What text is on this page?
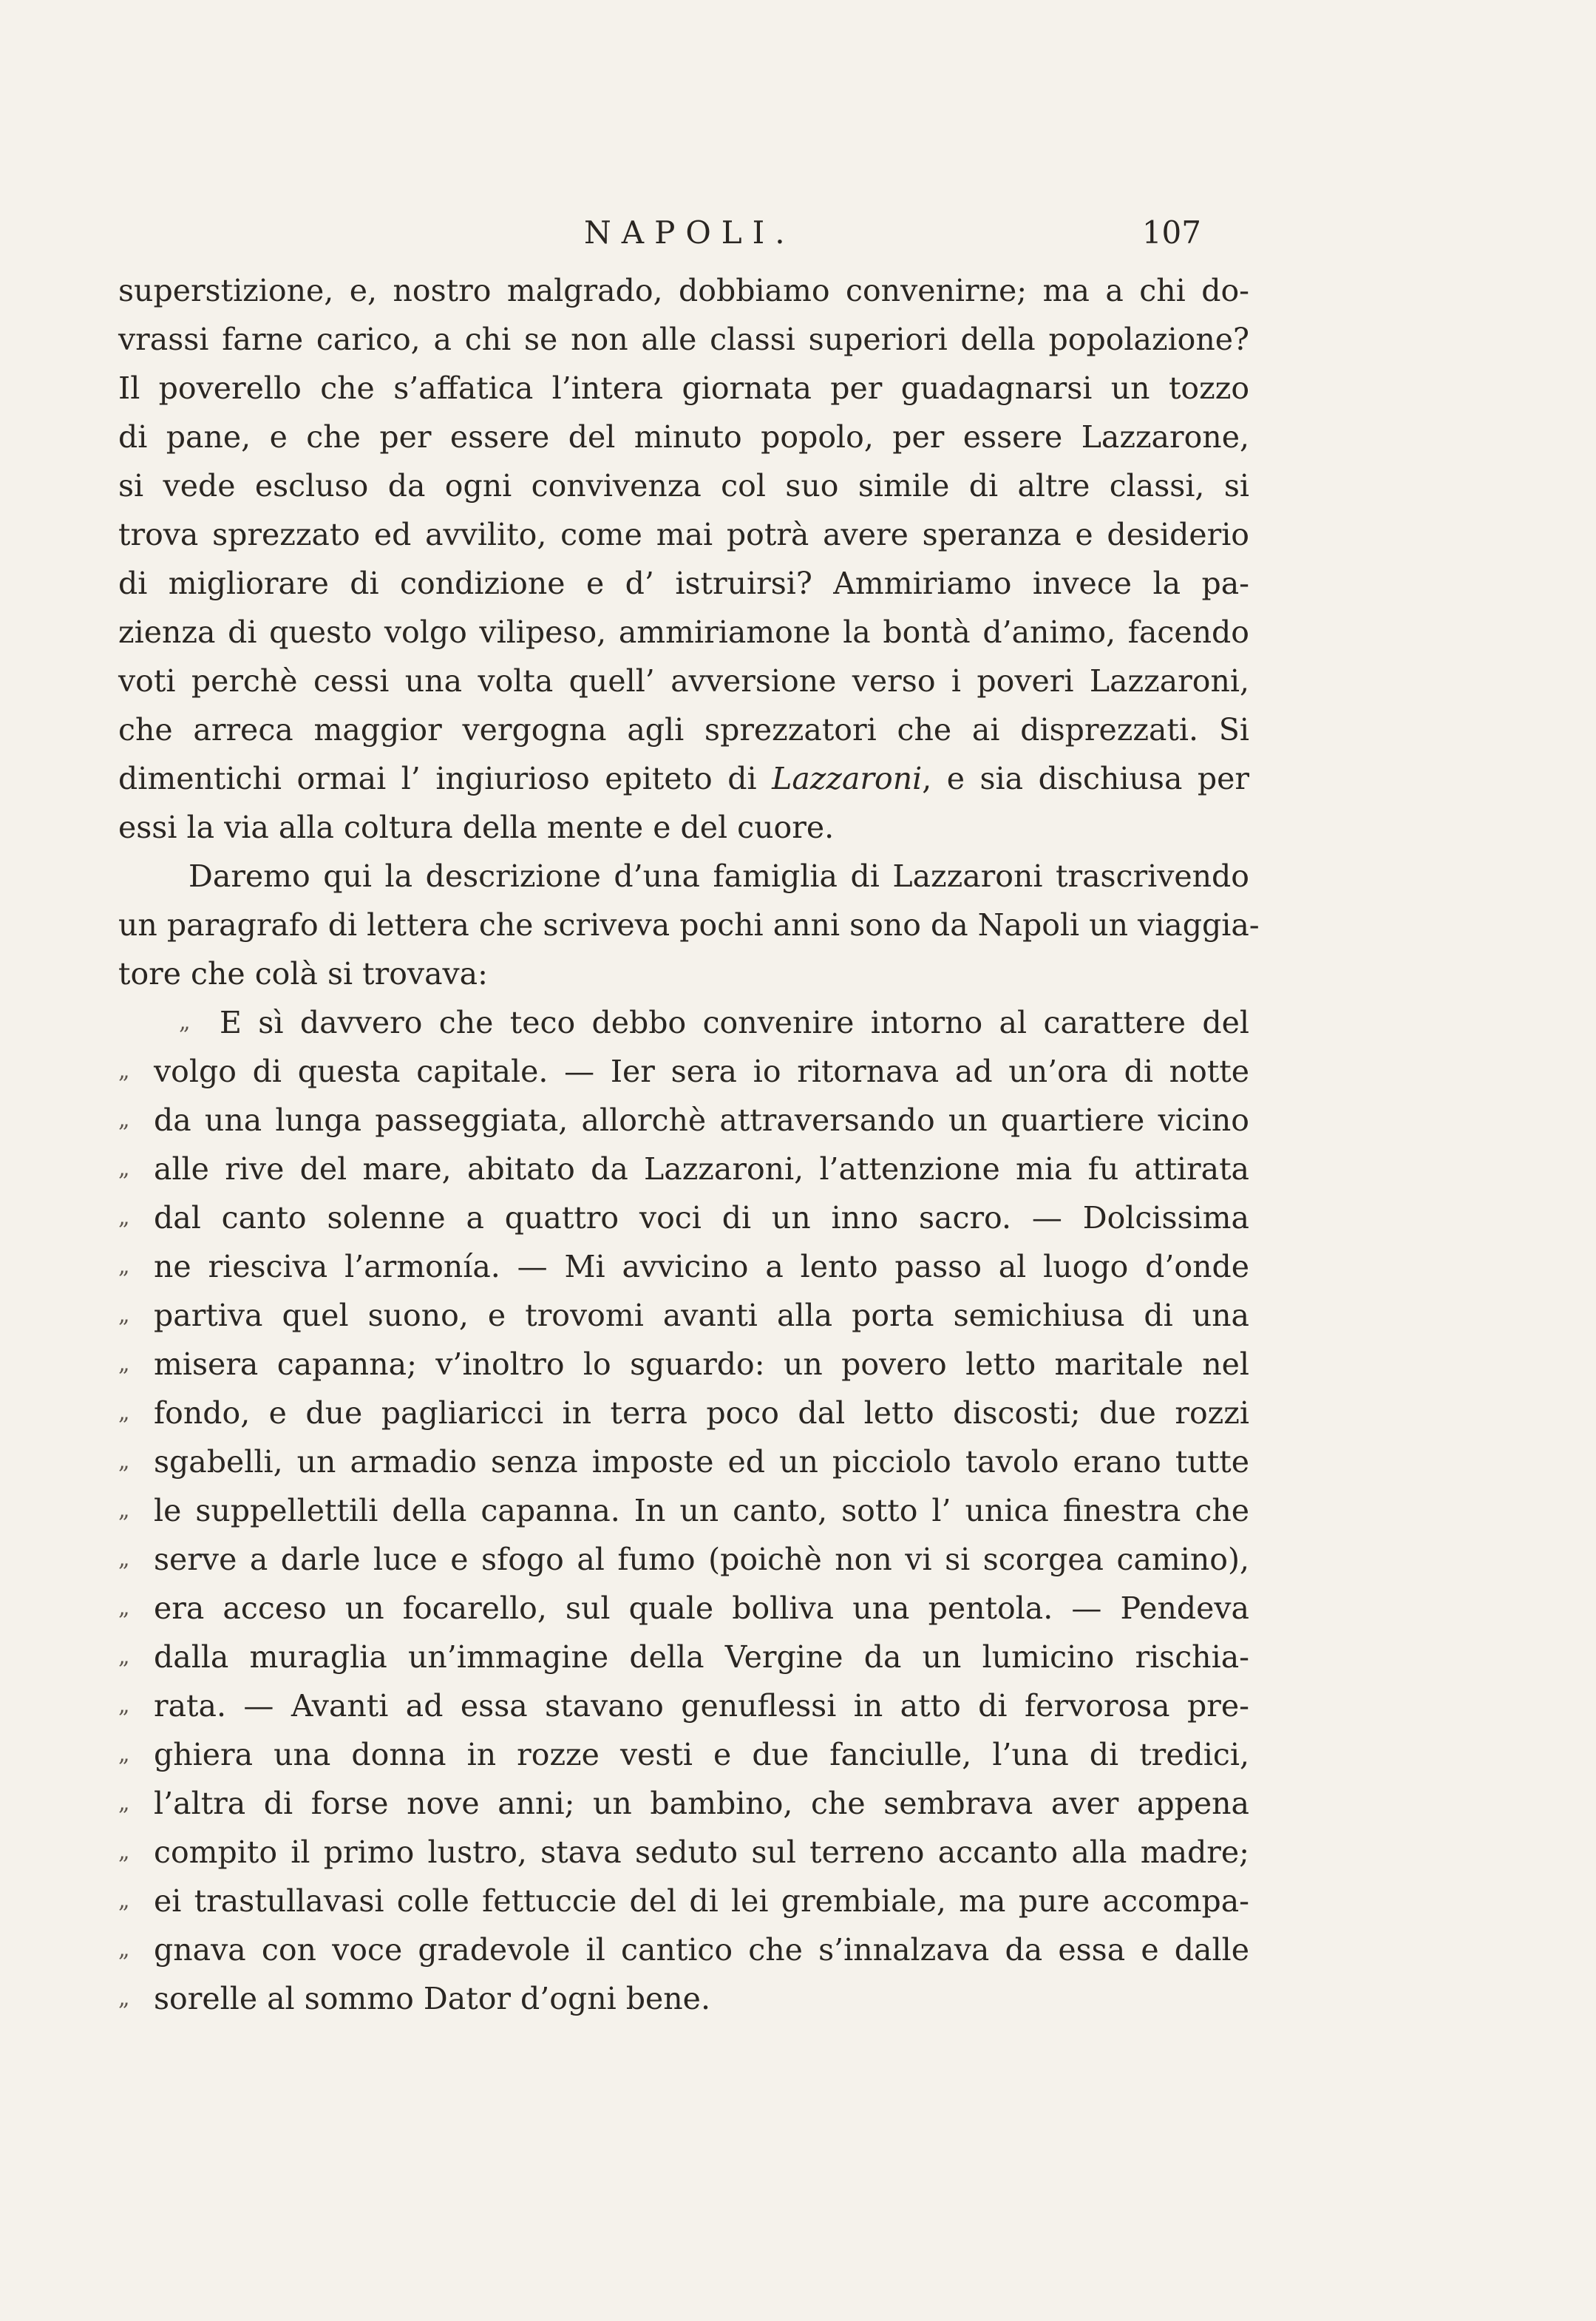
NAPOLI.	107
superstizione, e, nostro malgrado, dobbiamo convenirne; ma a chi do-
vrassi farne carico, a chi se non alle classi superiori della popolazione?
Il poverello che s’affatica l’intera giornata per guadagnarsi un tozzo
di pane, e che per essere del minuto popolo, per essere Lazzarone,
si vede escluso da ogni convivenza col suo simile di altre classi, si
trova sprezzato ed avvilito, come mai potrà avere speranza e desiderio
di migliorare di condizione e d’ istruirsi? Ammiriamo invece la pa-
zienza di questo volgo vilipeso, ammiriamone la bontà d’animo, facendo
voti perchè cessi una volta quell’ avversione verso i poveri Lazzaroni,
che arreca maggior vergogna agli sprezzatori che ai disprezzati. Si
dimentichi ormai l’ ingiurioso epiteto di Lazzaroni, e sia dischiusa per
essi la via alla coltura della mente e del cuore.
Daremo qui la descrizione d’una famiglia di Lazzaroni trascrivendo
un paragrafo di lettera che scriveva pochi anni sono da Napoli un viaggia-
tore che colà si trovava:
„ E sì davvero che teco debbo convenire intorno al carattere del
„ volgo di questa capitale. — Ier sera io ritornava ad un’ora di notte
„ da una lunga passeggiata, allorchè attraversando un quartiere vicino
„ alle rive del mare, abitato da Lazzaroni, l’attenzione mia fu attirata
„ dal canto solenne a quattro voci di un inno sacro. — Dolcissima
„ ne riesciva l’armonía. — Mi avvicino a lento passo al luogo d’onde
„ partiva quel suono, e trovomi avanti alla porta semichiusa di una
„ misera capanna; v’inoltro lo sguardo: un povero letto maritale nel
„ fondo, e due pagliaricci in terra poco dal letto discosti; due rozzi
„ sgabelli, un armadio senza imposte ed un picciolo tavolo erano tutte
„ le suppellettili della capanna. In un canto, sotto l’ unica finestra che
„ serve a darle luce e sfogo al fumo (poichè non vi si scorgea camino),
„ era acceso un focarello, sul quale bolliva una pentola. — Pendeva
„ dalla muraglia un’immagine della Vergine da un lumicino rischia-
„ rata. — Avanti ad essa stavano genuflessi in atto di fervorosa pre-
„ ghiera una donna in rozze vesti e due fanciulle, l’una di tredici,
„ l’altra di forse nove anni; un bambino, che sembrava aver appena
„ compito il primo lustro, stava seduto sul terreno accanto alla madre;
„ ei trastullavasi colle fettuccie del di lei grembiale, ma pure accompa-
„ gnava con voce gradevole il cantico che s’innalzava da essa e dalle
„ sorelle al sommo Dator d’ogni bene.
